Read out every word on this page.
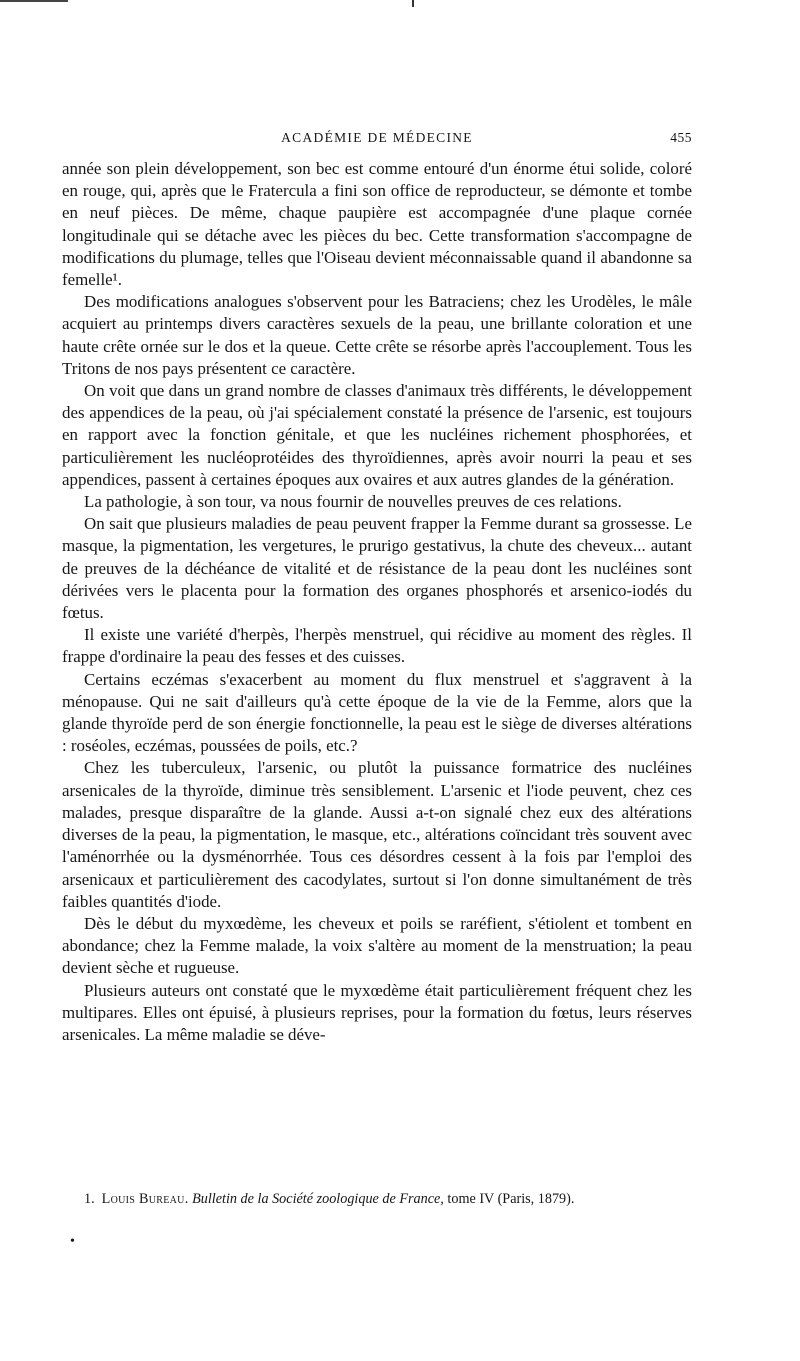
ACADÉMIE DE MÉDECINE	455

année son plein développement, son bec est comme entouré d'un énorme étui solide, coloré en rouge, qui, après que le Fratercula a fini son office de reproducteur, se démonte et tombe en neuf pièces. De même, chaque paupière est accompagnée d'une plaque cornée longitudinale qui se détache avec les pièces du bec. Cette transformation s'accompagne de modifications du plumage, telles que l'Oiseau devient méconnaissable quand il abandonne sa femelle¹.

Des modifications analogues s'observent pour les Batraciens; chez les Urodèles, le mâle acquiert au printemps divers caractères sexuels de la peau, une brillante coloration et une haute crête ornée sur le dos et la queue. Cette crête se résorbe après l'accouplement. Tous les Tritons de nos pays présentent ce caractère.

On voit que dans un grand nombre de classes d'animaux très différents, le développement des appendices de la peau, où j'ai spécialement constaté la présence de l'arsenic, est toujours en rapport avec la fonction génitale, et que les nucléines richement phosphorées, et particulièrement les nucléoprotéides des thyroïdiennes, après avoir nourri la peau et ses appendices, passent à certaines époques aux ovaires et aux autres glandes de la génération.

La pathologie, à son tour, va nous fournir de nouvelles preuves de ces relations.

On sait que plusieurs maladies de peau peuvent frapper la Femme durant sa grossesse. Le masque, la pigmentation, les vergetures, le prurigo gestativus, la chute des cheveux... autant de preuves de la déchéance de vitalité et de résistance de la peau dont les nucléines sont dérivées vers le placenta pour la formation des organes phosphorés et arsenico-iodés du fœtus.

Il existe une variété d'herpès, l'herpès menstruel, qui récidive au moment des règles. Il frappe d'ordinaire la peau des fesses et des cuisses.

Certains eczémas s'exacerbent au moment du flux menstruel et s'aggravent à la ménopause. Qui ne sait d'ailleurs qu'à cette époque de la vie de la Femme, alors que la glande thyroïde perd de son énergie fonctionnelle, la peau est le siège de diverses altérations : roséoles, eczémas, poussées de poils, etc.?

Chez les tuberculeux, l'arsenic, ou plutôt la puissance formatrice des nucléines arsenicales de la thyroïde, diminue très sensiblement. L'arsenic et l'iode peuvent, chez ces malades, presque disparaître de la glande. Aussi a-t-on signalé chez eux des altérations diverses de la peau, la pigmentation, le masque, etc., altérations coïncidant très souvent avec l'aménorrhée ou la dysménorrhée. Tous ces désordres cessent à la fois par l'emploi des arsenicaux et particulièrement des cacodylates, surtout si l'on donne simultanément de très faibles quantités d'iode.

Dès le début du myxœdème, les cheveux et poils se raréfient, s'étiolent et tombent en abondance; chez la Femme malade, la voix s'altère au moment de la menstruation; la peau devient sèche et rugueuse.

Plusieurs auteurs ont constaté que le myxœdème était particulièrement fréquent chez les multipares. Elles ont épuisé, à plusieurs reprises, pour la formation du fœtus, leurs réserves arsenicales. La même maladie se déve-

1. Louis Bureau. Bulletin de la Société zoologique de France, tome IV (Paris, 1879).
•
